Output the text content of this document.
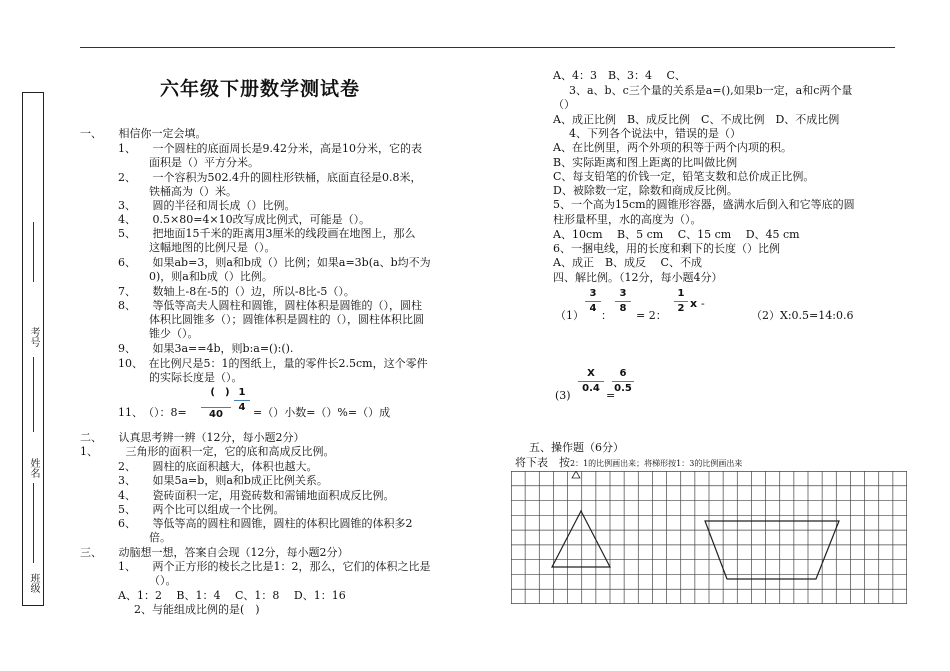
考号
姓名
班级
六年级下册数学测试卷
一、　　相信你一定会填。
1、　　一个圆柱的底面周长是9.42分米，高是10分米，它的表
面积是（）平方分米。
2、　　一个容积为502.4升的圆柱形铁桶，底面直径是0.8米，
铁桶高为（）米。
3、　　圆的半径和周长成（）比例。
4、　　0.5×80=4×10改写成比例式，可能是（）。
5、　　把地面15千米的距离用3厘米的线段画在地图上，那么
这幅地图的比例尺是（）。
6、　　如果ab=3，则a和b成（）比例；如果a=3b(a、b均不为
0)，则a和b成（）比例。
7、　　数轴上-8在-5的（）边，所以-8比-5（）。
8、　　等低等高夫人圆柱和圆锥，圆柱体积是圆锥的（），圆柱
体积比圆锥多（）；圆锥体积是圆柱的（），圆柱体积比圆
锥少（）。
9、　　如果3a==4b，则b:a=():().
10、　在比例尺是5：1的图纸上，量的零件长2.5cm，这个零件
的实际长度是（）。
11、　（）：8=
	40
(　) 1
4 =（）小数=（）%=（）成
二、　　认真思考辨一辨（12分，每小题2分）
1、　　　三角形的面积一定，它的底和高成反比例。
2、　　圆柱的底面积越大，体积也越大。
3、　　如果5a=b，则a和b成正比例关系。
4、　　瓷砖面积一定，用瓷砖数和需铺地面积成反比例。
5、　　两个比可以组成一个比例。
6、　　等低等高的圆柱和圆锥，圆柱的体积比圆锥的体积多2
倍。
三、　　动脑想一想，答案自会现（12分，每小题2分）
1、　　两个正方形的棱长之比是1：2，那么，它们的体积之比是
（）。
A、1：2　 B、1：4　 C、1：8　 D、1：16
2、与能组成比例的是(　)
A、4：3　B、3：4　 C、
3、a、b、c三个量的关系是a=(),如果b一定，a和c两个量
（）
A、成正比例　B、成反比例　C、不成比例　D、不成比例
4、下列各个说法中，错误的是（）
A、在比例里，两个外项的积等于两个内项的积。
B、实际距离和图上距离的比叫做比例
C、每支铅笔的价钱一定，铅笔支数和总价成正比例。
D、被除数一定，除数和商成反比例。
5、一个高为15cm的圆锥形容器，盛满水后倒入和它等底的圆
柱形量杯里，水的高度为（）。
A、10cm　 B、5 cm　 C、15 cm　 D、45 cm
6、一捆电线，用的长度和剩下的长度（）比例
A、成正　B、成反　 C、不成
四、解比例。（12分，每小题4分）
（1）
3
4
：
3
8
= 2：
1
2 x -
（2）X:0.5=14:0.6
(3)
X
0.4
=
6
0.5
五、操作题（6分）
将下表　按2：1的比例画出来；将梯形按1：3的比例画出来
